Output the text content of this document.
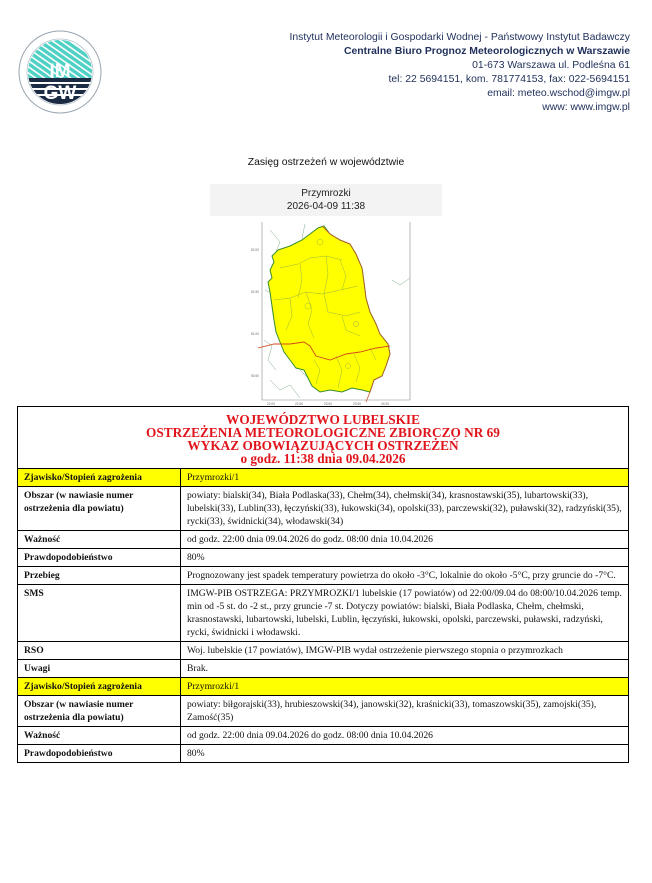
IM
GW
Instytut Meteorologii i Gospodarki Wodnej - Państwowy Instytut Badawczy
Centralne Biuro Prognoz Meteorologicznych w Warszawie
01-673 Warszawa ul. Podleśna 61
tel: 22 5694151, kom. 781774153, fax: 022-5694151
email: meteo.wschod@imgw.pl
www: www.imgw.pl
Zasięg ostrzeżeń w województwie
Przymrozki
2026-04-09 11:38
52.00
51.50
51.00
50.50
22.00	22.50	23.00	23.50	24.00
WOJEWÓDZTWO LUBELSKIE
OSTRZEŻENIA METEOROLOGICZNE ZBIORCZO NR 69
WYKAZ OBOWIĄZUJĄCYCH OSTRZEŻEŃ
o godz. 11:38 dnia 09.04.2026	

Zjawisko/Stopień zagrożenia	Przymrozki/1
Obszar (w nawiasie numer ostrzeżenia dla powiatu)	powiaty: bialski(34), Biała Podlaska(33), Chełm(34), chełmski(34), krasnostawski(35), lubartowski(33), lubelski(33), Lublin(33), łęczyński(33), łukowski(34), opolski(33), parczewski(32), puławski(32), radzyński(35), rycki(33), świdnicki(34), włodawski(34)
Ważność	od godz. 22:00 dnia 09.04.2026 do godz. 08:00 dnia 10.04.2026
Prawdopodobieństwo	80%
Przebieg	Prognozowany jest spadek temperatury powietrza do około -3°C, lokalnie do około -5°C, przy gruncie do -7°C.
SMS	IMGW-PIB OSTRZEGA: PRZYMROZKI/1 lubelskie (17 powiatów) od 22:00/09.04 do 08:00/10.04.2026 temp. min od -5 st. do -2 st., przy gruncie -7 st. Dotyczy powiatów: bialski, Biała Podlaska, Chełm, chełmski, krasnostawski, lubartowski, lubelski, Lublin, łęczyński, łukowski, opolski, parczewski, puławski, radzyński, rycki, świdnicki i włodawski.
RSO	Woj. lubelskie (17 powiatów), IMGW-PIB wydał ostrzeżenie pierwszego stopnia o przymrozkach
Uwagi	Brak.
Zjawisko/Stopień zagrożenia	Przymrozki/1
Obszar (w nawiasie numer ostrzeżenia dla powiatu)	powiaty: biłgorajski(33), hrubieszowski(34), janowski(32), kraśnicki(33), tomaszowski(35), zamojski(35), Zamość(35)
Ważność	od godz. 22:00 dnia 09.04.2026 do godz. 08:00 dnia 10.04.2026
Prawdopodobieństwo	80%
